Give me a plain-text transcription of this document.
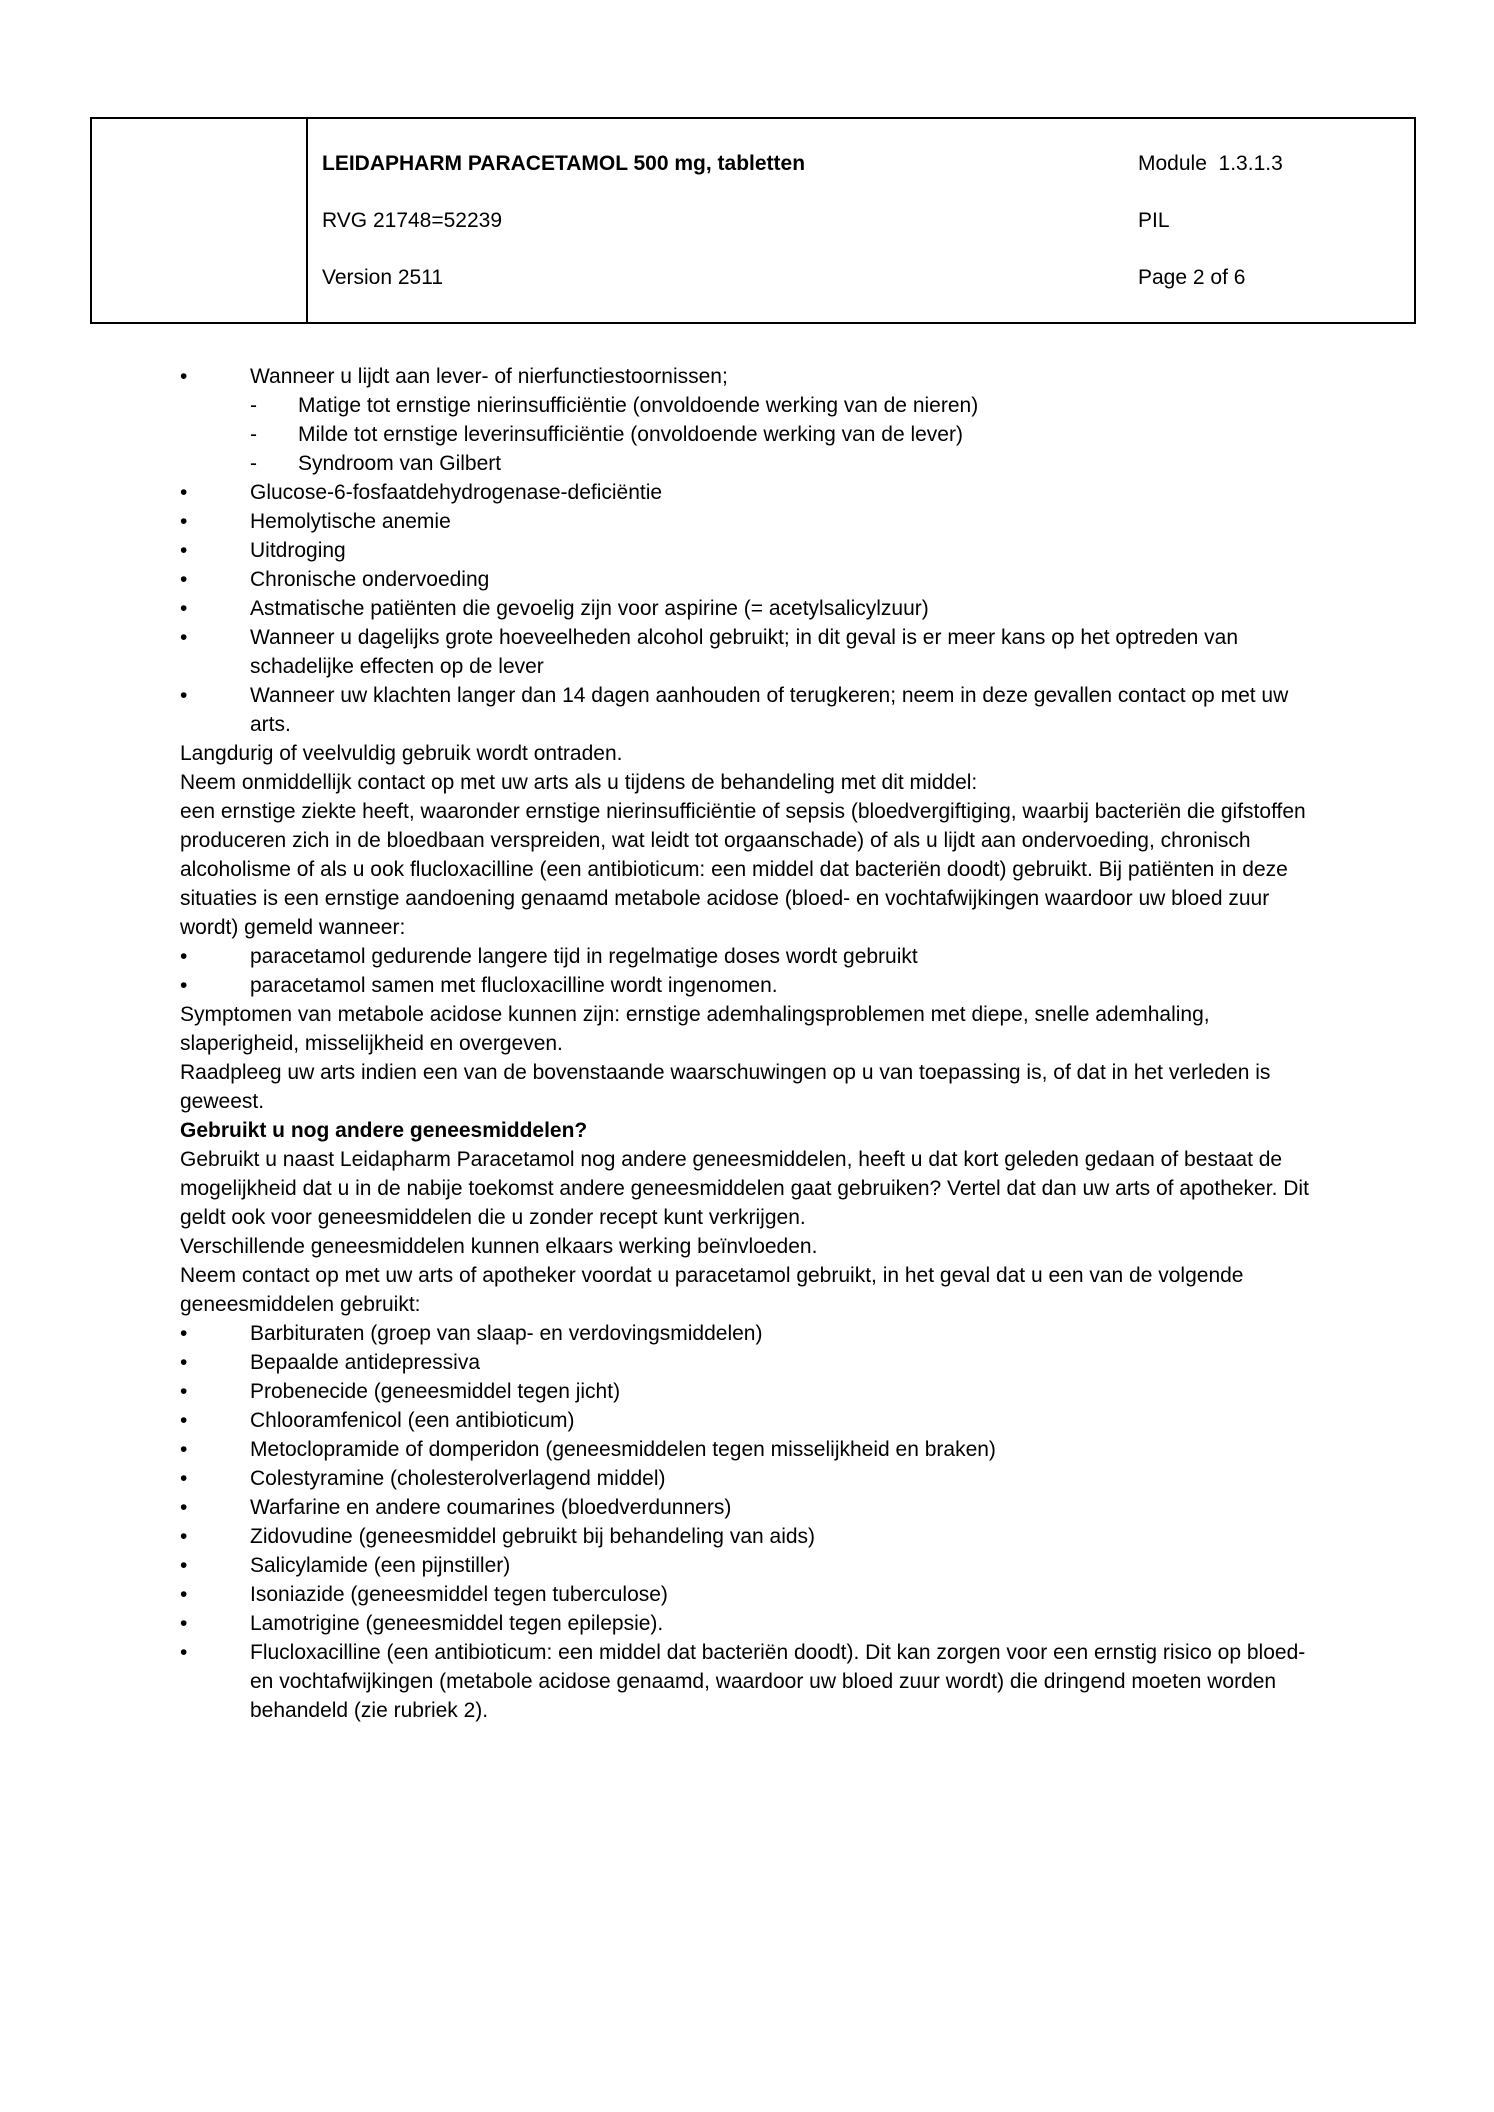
LEIDAPHARM PARACETAMOL 500 mg, tabletten	Module  1.3.1.3
RVG 21748=52239	PIL
Version 2511	Page 2 of 6
•	Wanneer u lijdt aan lever- of nierfunctiestoornissen;
-	Matige tot ernstige nierinsufficiëntie (onvoldoende werking van de nieren)
-	Milde tot ernstige leverinsufficiëntie (onvoldoende werking van de lever)
-	Syndroom van Gilbert
•	Glucose-6-fosfaatdehydrogenase-deficiëntie
•	Hemolytische anemie
•	Uitdroging
•	Chronische ondervoeding
•	Astmatische patiënten die gevoelig zijn voor aspirine (= acetylsalicylzuur)
•	Wanneer u dagelijks grote hoeveelheden alcohol gebruikt; in dit geval is er meer kans op het optreden van schadelijke effecten op de lever
•	Wanneer uw klachten langer dan 14 dagen aanhouden of terugkeren; neem in deze gevallen contact op met uw arts.
Langdurig of veelvuldig gebruik wordt ontraden.
Neem onmiddellijk contact op met uw arts als u tijdens de behandeling met dit middel:
een ernstige ziekte heeft, waaronder ernstige nierinsufficiëntie of sepsis (bloedvergiftiging, waarbij bacteriën die gifstoffen produceren zich in de bloedbaan verspreiden, wat leidt tot orgaanschade) of als u lijdt aan ondervoeding, chronisch alcoholisme of als u ook flucloxacilline (een antibioticum: een middel dat bacteriën doodt) gebruikt. Bij patiënten in deze situaties is een ernstige aandoening genaamd metabole acidose (bloed- en vochtafwijkingen waardoor uw bloed zuur wordt) gemeld wanneer:
•	paracetamol gedurende langere tijd in regelmatige doses wordt gebruikt
•	paracetamol samen met flucloxacilline wordt ingenomen.
Symptomen van metabole acidose kunnen zijn: ernstige ademhalingsproblemen met diepe, snelle ademhaling, slaperigheid, misselijkheid en overgeven.
Raadpleeg uw arts indien een van de bovenstaande waarschuwingen op u van toepassing is, of dat in het verleden is geweest.
Gebruikt u nog andere geneesmiddelen?
Gebruikt u naast Leidapharm Paracetamol nog andere geneesmiddelen, heeft u dat kort geleden gedaan of bestaat de mogelijkheid dat u in de nabije toekomst andere geneesmiddelen gaat gebruiken? Vertel dat dan uw arts of apotheker. Dit geldt ook voor geneesmiddelen die u zonder recept kunt verkrijgen.
Verschillende geneesmiddelen kunnen elkaars werking beïnvloeden.
Neem contact op met uw arts of apotheker voordat u paracetamol gebruikt, in het geval dat u een van de volgende geneesmiddelen gebruikt:
•	Barbituraten (groep van slaap- en verdovingsmiddelen)
•	Bepaalde antidepressiva
•	Probenecide (geneesmiddel tegen jicht)
•	Chlooramfenicol (een antibioticum)
•	Metoclopramide of domperidon (geneesmiddelen tegen misselijkheid en braken)
•	Colestyramine (cholesterolverlagend middel)
•	Warfarine en andere coumarines (bloedverdunners)
•	Zidovudine (geneesmiddel gebruikt bij behandeling van aids)
•	Salicylamide (een pijnstiller)
•	Isoniazide (geneesmiddel tegen tuberculose)
•	Lamotrigine (geneesmiddel tegen epilepsie).
•	Flucloxacilline (een antibioticum: een middel dat bacteriën doodt). Dit kan zorgen voor een ernstig risico op bloed- en vochtafwijkingen (metabole acidose genaamd, waardoor uw bloed zuur wordt) die dringend moeten worden behandeld (zie rubriek 2).
